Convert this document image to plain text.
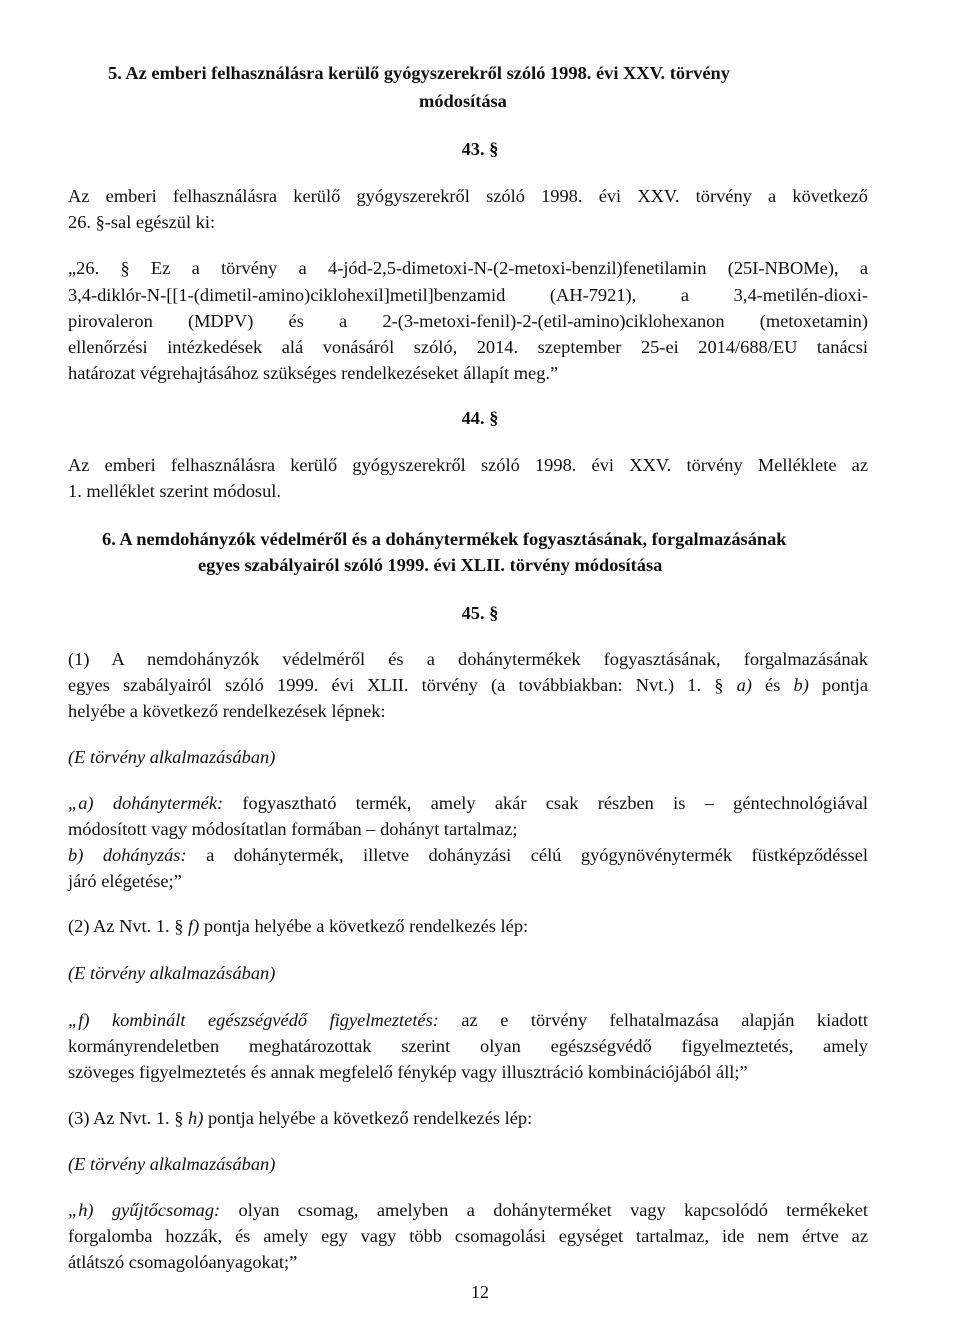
5. Az emberi felhasználásra kerülő gyógyszerekről szóló 1998. évi XXV. törvény

módosítása

43. §

Az emberi felhasználásra kerülő gyógyszerekről szóló 1998. évi XXV. törvény a következő

26. §-sal egészül ki:

„26. § Ez a törvény a 4-jód-2,5-dimetoxi-N-(2-metoxi-benzil)fenetilamin (25I-NBOMe), a

3,4-diklór-N-[[1-(dimetil-amino)ciklohexil]metil]benzamid (AH-7921), a 3,4-metilén-dioxi-

pirovaleron (MDPV) és a 2-(3-metoxi-fenil)-2-(etil-amino)ciklohexanon (metoxetamin)

ellenőrzési intézkedések alá vonásáról szóló, 2014. szeptember 25-ei 2014/688/EU tanácsi

határozat végrehajtásához szükséges rendelkezéseket állapít meg.”

44. §

Az emberi felhasználásra kerülő gyógyszerekről szóló 1998. évi XXV. törvény Melléklete az

1. melléklet szerint módosul.

6. A nemdohányzók védelméről és a dohánytermékek fogyasztásának, forgalmazásának

egyes szabályairól szóló 1999. évi XLII. törvény módosítása

45. §

(1) A nemdohányzók védelméről és a dohánytermékek fogyasztásának, forgalmazásának

egyes szabályairól szóló 1999. évi XLII. törvény (a továbbiakban: Nvt.) 1. § a) és b) pontja

helyébe a következő rendelkezések lépnek:

(E törvény alkalmazásában)

„a) dohánytermék: fogyasztható termék, amely akár csak részben is – géntechnológiával

módosított vagy módosítatlan formában – dohányt tartalmaz;

b) dohányzás: a dohánytermék, illetve dohányzási célú gyógynövénytermék füstképződéssel

járó elégetése;”

(2) Az Nvt. 1. § f) pontja helyébe a következő rendelkezés lép:

(E törvény alkalmazásában)

„f) kombinált egészségvédő figyelmeztetés: az e törvény felhatalmazása alapján kiadott

kormányrendeletben meghatározottak szerint olyan egészségvédő figyelmeztetés, amely

szöveges figyelmeztetés és annak megfelelő fénykép vagy illusztráció kombinációjából áll;”

(3) Az Nvt. 1. § h) pontja helyébe a következő rendelkezés lép:

(E törvény alkalmazásában)

„h) gyűjtőcsomag: olyan csomag, amelyben a dohányterméket vagy kapcsolódó termékeket

forgalomba hozzák, és amely egy vagy több csomagolási egységet tartalmaz, ide nem értve az

átlátszó csomagolóanyagokat;”

12
